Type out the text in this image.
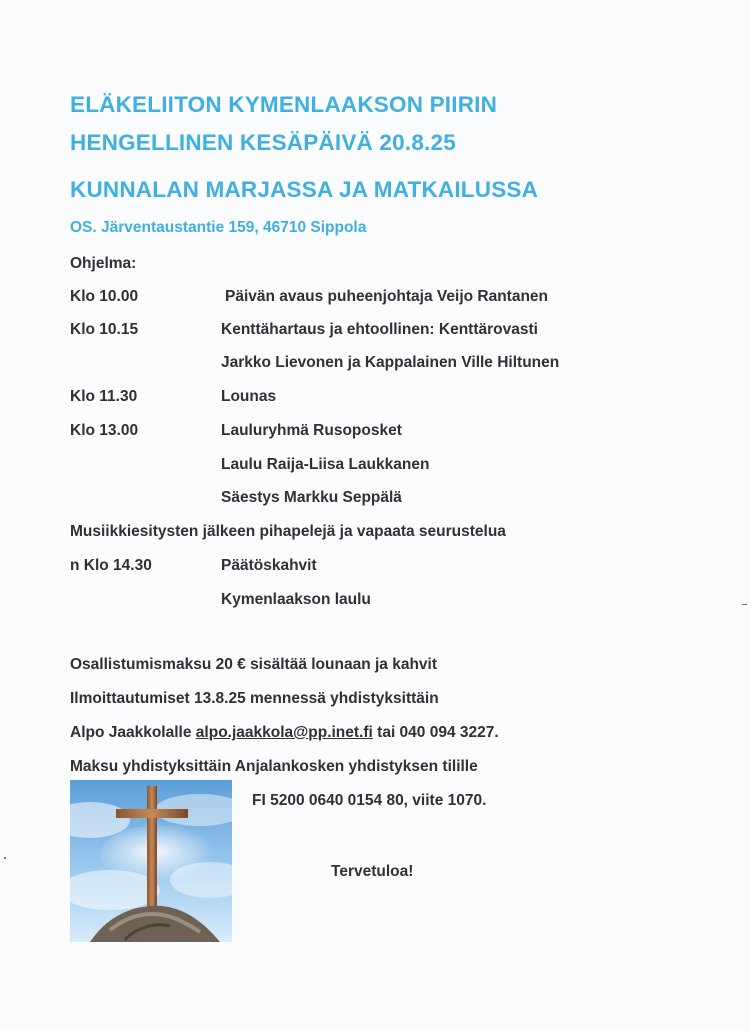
ELÄKELIITON KYMENLAAKSON PIIRIN
HENGELLINEN KESÄPÄIVÄ 20.8.25
KUNNALAN MARJASSA JA MATKAILUSSA
OS. Järventaustantie 159, 46710 Sippola
Ohjelma:
Klo 10.00	Päivän avaus puheenjohtaja Veijo Rantanen
Klo 10.15	Kenttähartaus ja ehtoollinen: Kenttärovasti
Jarkko Lievonen ja Kappalainen Ville Hiltunen
Klo 11.30	Lounas
Klo 13.00	Lauluryhmä Rusoposket
Laulu Raija-Liisa Laukkanen
Säestys Markku Seppälä
Musiikkiesitysten jälkeen pihapelejä ja vapaata seurustelua
n Klo 14.30	Päätöskahvit
Kymenlaakson laulu
Osallistumismaksu 20 € sisältää lounaan ja kahvit
Ilmoittautumiset 13.8.25 mennessä yhdistyksittäin
Alpo Jaakkolalle alpo.jaakkola@pp.inet.fi tai 040 094 3227.
Maksu yhdistyksittäin Anjalankosken yhdistyksen tilille
FI 5200 0640 0154 80, viite 1070.
Tervetuloa!
